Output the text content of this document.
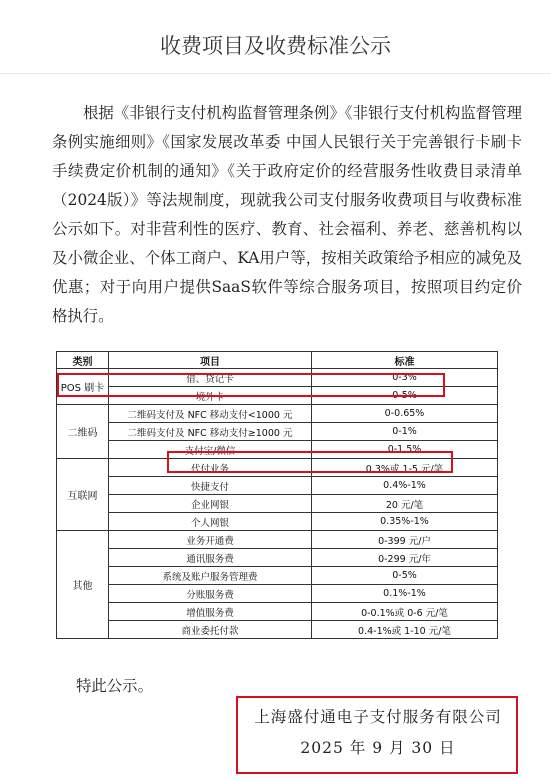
收费项目及收费标准公示

根据《非银行支付机构监督管理条例》《非银行支付机构监督管理条例实施细则》《国家发展改革委 中国人民银行关于完善银行卡刷卡手续费定价机制的通知》《关于政府定价的经营服务性收费目录清单（2024版）》等法规制度，现就我公司支付服务收费项目与收费标准公示如下。对非营利性的医疗、教育、社会福利、养老、慈善机构以及小微企业、个体工商户、KA用户等，按相关政策给予相应的减免及优惠；对于向用户提供SaaS软件等综合服务项目，按照项目约定价格执行。

类别	项目	标准
POS 刷卡	借、贷记卡	0-3%
	境外卡	0-5%
二维码	二维码支付及 NFC 移动支付<1000 元	0-0.65%
	二维码支付及 NFC 移动支付≥1000 元	0-1%
	支付宝/微信	0-1.5%
互联网	代付业务	0.3%或 1-5 元/笔
	快捷支付	0.4%-1%
	企业网银	20 元/笔
	个人网银	0.35%-1%
其他	业务开通费	0-399 元/户
	通讯服务费	0-299 元/年
	系统及账户服务管理费	0-5%
	分账服务费	0.1%-1%
	增值服务费	0-0.1%或 0-6 元/笔
	商业委托付款	0.4-1%或 1-10 元/笔
特此公示。
上海盛付通电子支付服务有限公司
2025 年 9 月 30 日
